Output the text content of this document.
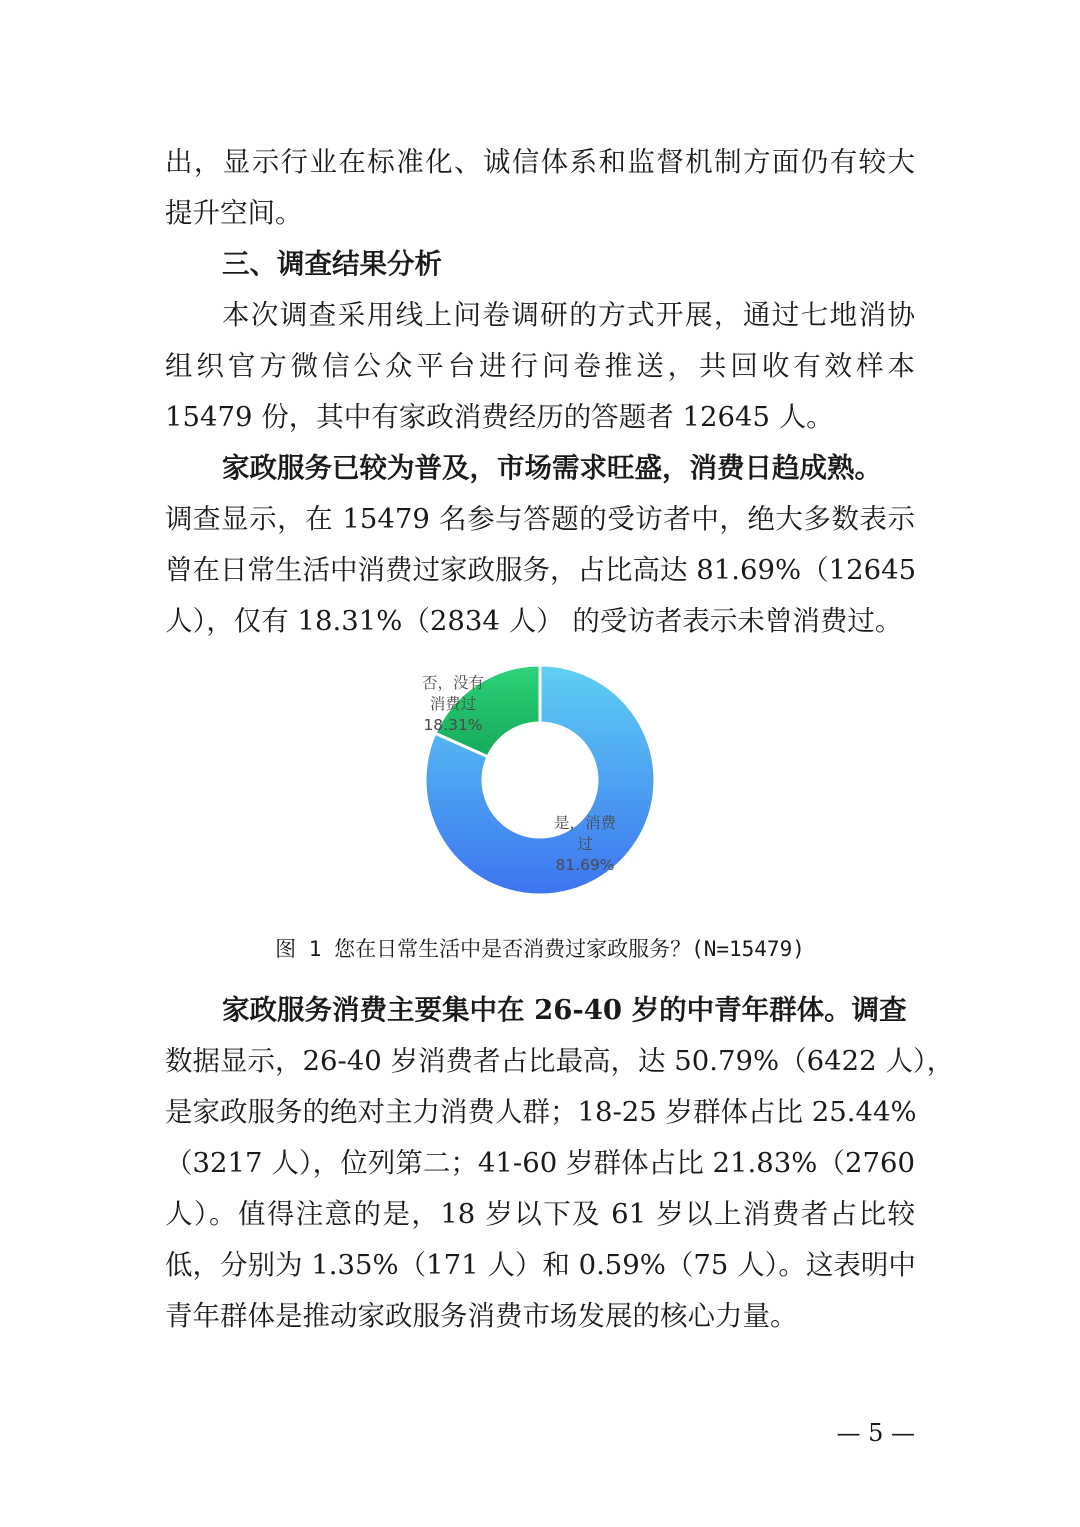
出，显示行业在标准化、诚信体系和监督机制方面仍有较大
提升空间。
三、调查结果分析
本次调查采用线上问卷调研的方式开展，通过七地消协
组织官方微信公众平台进行问卷推送，共回收有效样本
15479 份，其中有家政消费经历的答题者 12645 人。
家政服务已较为普及，市场需求旺盛，消费日趋成熟。
调查显示，在 15479 名参与答题的受访者中，绝大多数表示
曾在日常生活中消费过家政服务，占比高达 81.69%（12645
人），仅有 18.31%（2834 人） 的受访者表示未曾消费过。
是，消费
过
81.69%
否，没有
消费过
18.31%
图 1 您在日常生活中是否消费过家政服务？(N=15479)
家政服务消费主要集中在 26-40 岁的中青年群体。调查
数据显示，26-40 岁消费者占比最高，达 50.79%（6422 人），
是家政服务的绝对主力消费人群；18-25 岁群体占比 25.44%
（3217 人），位列第二；41-60 岁群体占比 21.83%（2760
人）。值得注意的是，18 岁以下及 61 岁以上消费者占比较
低，分别为 1.35%（171 人）和 0.59%（75 人）。这表明中
青年群体是推动家政服务消费市场发展的核心力量。
— 5 —
